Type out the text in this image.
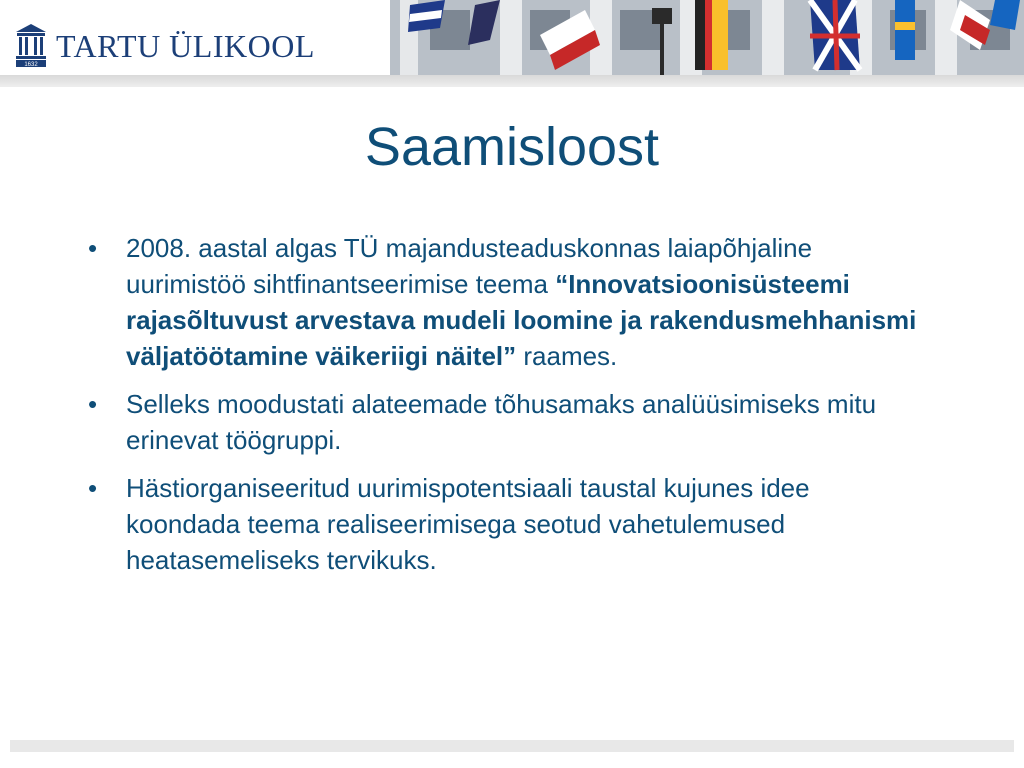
1632
TARTU ÜLIKOOL
Saamisloost
•	2008. aastal algas TÜ majandusteaduskonnas laiapõhjaline uurimistöö sihtfinantseerimise teema “Innovatsioonisüsteemi rajasõltuvust arvestava mudeli loomine ja rakendusmehhanismi väljatöötamine väikeriigi näitel” raames.
•	Selleks moodustati alateemade tõhusamaks analüüsimiseks mitu erinevat töögruppi.
•	Hästiorganiseeritud uurimispotentsiaali taustal kujunes idee koondada teema realiseerimisega seotud vahetulemused heatasemeliseks tervikuks.
